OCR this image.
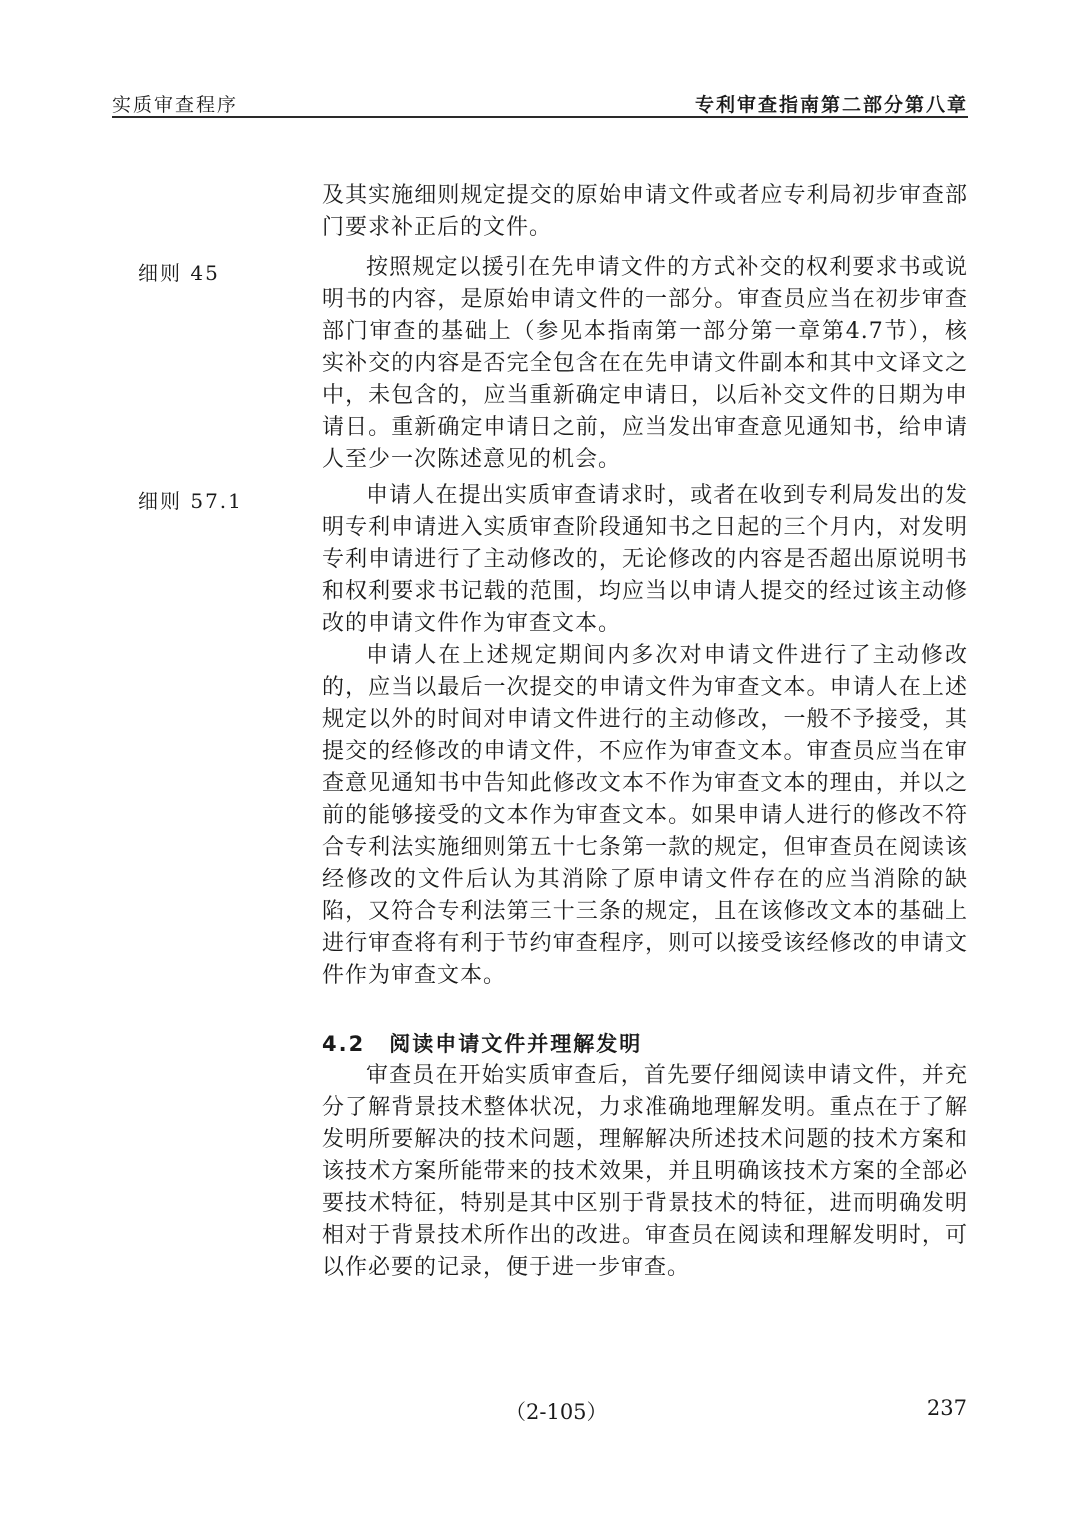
实质审查程序	专利审查指南第二部分第八章

及其实施细则规定提交的原始申请文件或者应专利局初步审查部门要求补正后的文件。

细则 45	按照规定以援引在先申请文件的方式补交的权利要求书或说明书的内容，是原始申请文件的一部分。审查员应当在初步审查部门审查的基础上（参见本指南第一部分第一章第4.7节），核实补交的内容是否完全包含在在先申请文件副本和其中文译文之中，未包含的，应当重新确定申请日，以后补交文件的日期为申请日。重新确定申请日之前，应当发出审查意见通知书，给申请人至少一次陈述意见的机会。

细则 57.1	申请人在提出实质审查请求时，或者在收到专利局发出的发明专利申请进入实质审查阶段通知书之日起的三个月内，对发明专利申请进行了主动修改的，无论修改的内容是否超出原说明书和权利要求书记载的范围，均应当以申请人提交的经过该主动修改的申请文件作为审查文本。

申请人在上述规定期间内多次对申请文件进行了主动修改的，应当以最后一次提交的申请文件为审查文本。申请人在上述规定以外的时间对申请文件进行的主动修改，一般不予接受，其提交的经修改的申请文件，不应作为审查文本。审查员应当在审查意见通知书中告知此修改文本不作为审查文本的理由，并以之前的能够接受的文本作为审查文本。如果申请人进行的修改不符合专利法实施细则第五十七条第一款的规定，但审查员在阅读该经修改的文件后认为其消除了原申请文件存在的应当消除的缺陷，又符合专利法第三十三条的规定，且在该修改文本的基础上进行审查将有利于节约审查程序，则可以接受该经修改的申请文件作为审查文本。

4.2 阅读申请文件并理解发明

审查员在开始实质审查后，首先要仔细阅读申请文件，并充分了解背景技术整体状况，力求准确地理解发明。重点在于了解发明所要解决的技术问题，理解解决所述技术问题的技术方案和该技术方案所能带来的技术效果，并且明确该技术方案的全部必要技术特征，特别是其中区别于背景技术的特征，进而明确发明相对于背景技术所作出的改进。审查员在阅读和理解发明时，可以作必要的记录，便于进一步审查。

（2-105）	237
